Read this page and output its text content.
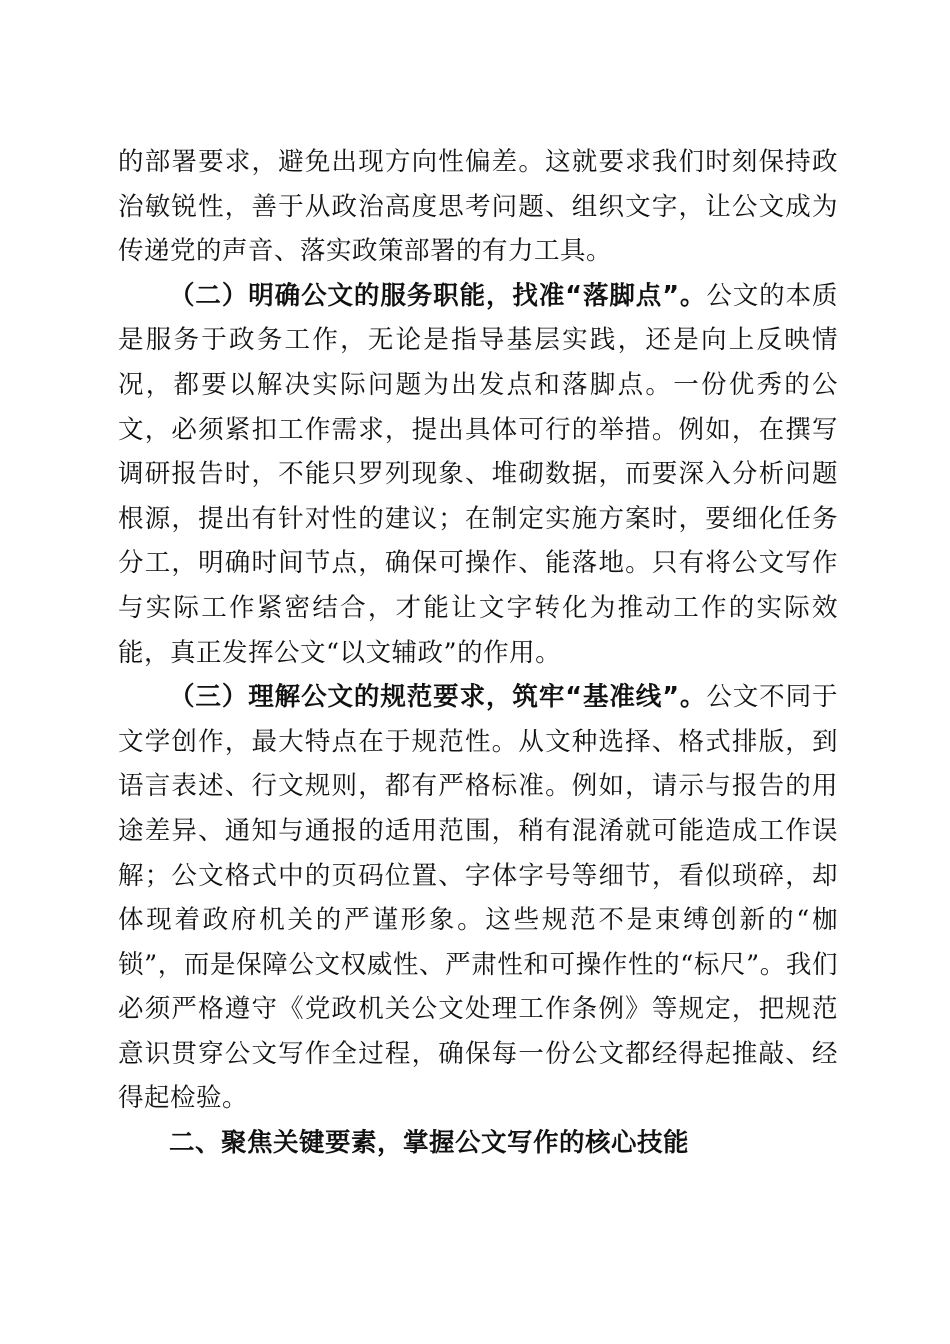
的部署要求，避免出现方向性偏差。这就要求我们时刻保持政治敏锐性，善于从政治高度思考问题、组织文字，让公文成为传递党的声音、落实政策部署的有力工具。

（二）明确公文的服务职能，找准“落脚点”。公文的本质是服务于政务工作，无论是指导基层实践，还是向上反映情况，都要以解决实际问题为出发点和落脚点。一份优秀的公文，必须紧扣工作需求，提出具体可行的举措。例如，在撰写调研报告时，不能只罗列现象、堆砌数据，而要深入分析问题根源，提出有针对性的建议；在制定实施方案时，要细化任务分工，明确时间节点，确保可操作、能落地。只有将公文写作与实际工作紧密结合，才能让文字转化为推动工作的实际效能，真正发挥公文“以文辅政”的作用。

（三）理解公文的规范要求，筑牢“基准线”。公文不同于文学创作，最大特点在于规范性。从文种选择、格式排版，到语言表述、行文规则，都有严格标准。例如，请示与报告的用途差异、通知与通报的适用范围，稍有混淆就可能造成工作误解；公文格式中的页码位置、字体字号等细节，看似琐碎，却体现着政府机关的严谨形象。这些规范不是束缚创新的“枷锁”，而是保障公文权威性、严肃性和可操作性的“标尺”。我们必须严格遵守《党政机关公文处理工作条例》等规定，把规范意识贯穿公文写作全过程，确保每一份公文都经得起推敲、经得起检验。

二、聚焦关键要素，掌握公文写作的核心技能
